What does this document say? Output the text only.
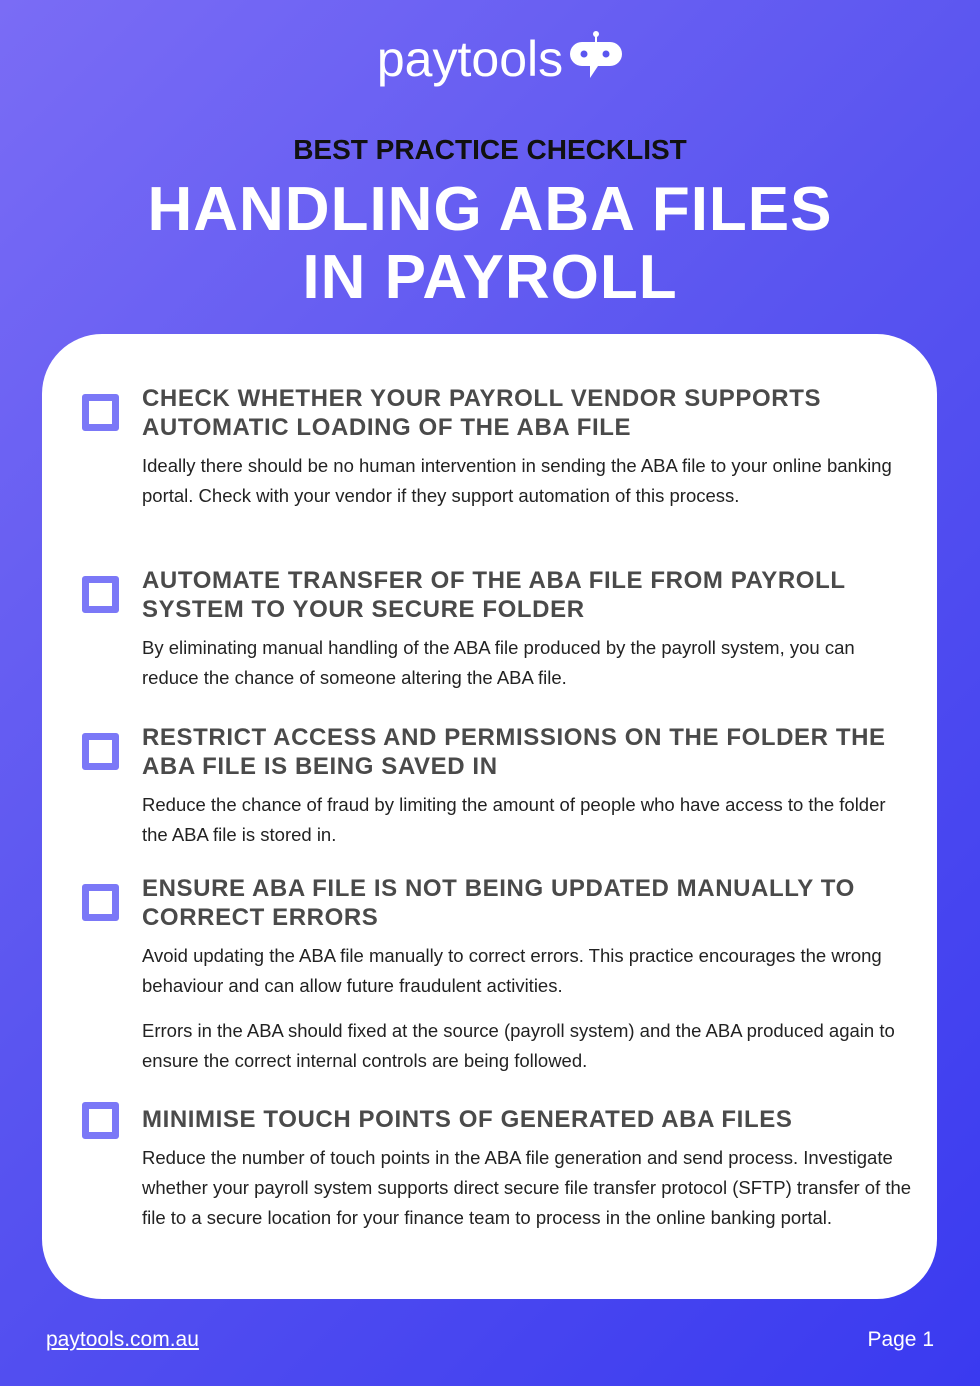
paytools
BEST PRACTICE CHECKLIST
HANDLING ABA FILES
IN PAYROLL
CHECK WHETHER YOUR PAYROLL VENDOR SUPPORTS AUTOMATIC LOADING OF THE ABA FILE

Ideally there should be no human intervention in sending the ABA file to your online banking portal. Check with your vendor if they support automation of this process.

AUTOMATE TRANSFER OF THE ABA FILE FROM PAYROLL SYSTEM TO YOUR SECURE FOLDER

By eliminating manual handling of the ABA file produced by the payroll system, you can reduce the chance of someone altering the ABA file.

RESTRICT ACCESS AND PERMISSIONS ON THE FOLDER THE ABA FILE IS BEING SAVED IN

Reduce the chance of fraud by limiting the amount of people who have access to the folder the ABA file is stored in.

ENSURE ABA FILE IS NOT BEING UPDATED MANUALLY TO CORRECT ERRORS

Avoid updating the ABA file manually to correct errors. This practice encourages the wrong behaviour and can allow future fraudulent activities.

Errors in the ABA should fixed at the source (payroll system) and the ABA produced again to ensure the correct internal controls are being followed.

MINIMISE TOUCH POINTS OF GENERATED ABA FILES

Reduce the number of touch points in the ABA file generation and send process. Investigate whether your payroll system supports direct secure file transfer protocol (SFTP) transfer of the file to a secure location for your finance team to process in the online banking portal.

paytools.com.au	Page 1
